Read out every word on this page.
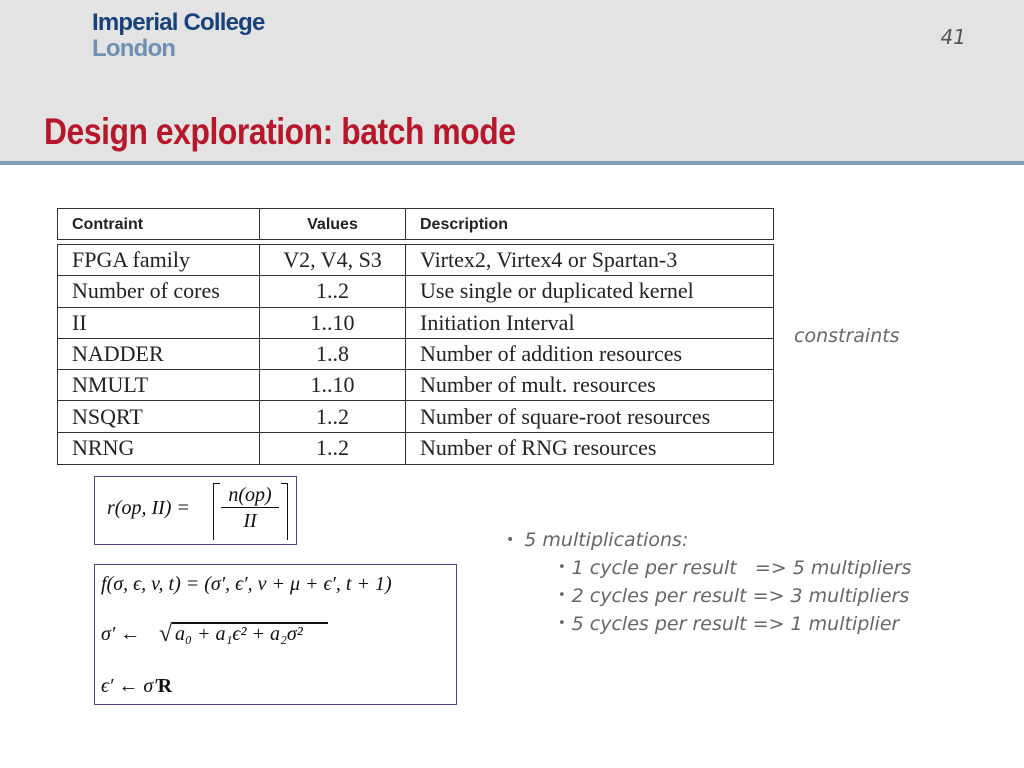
Imperial College
London	41
Design exploration: batch mode
Contraint	Values	Description
FPGA family	V2, V4, S3	Virtex2, Virtex4 or Spartan-3
Number of cores	1..2	Use single or duplicated kernel
II	1..10	Initiation Interval
NADDER	1..8	Number of addition resources
NMULT	1..10	Number of mult. resources
NSQRT	1..2	Number of square-root resources
NRNG	1..2	Number of RNG resources
constraints
r(op, $II) = \frac{n(op)}{II}$
f(σ, ϵ, v, t) = (σ′, ϵ′, v + μ + ϵ′, t + 1)
σ′ ← √ a₀ + a₁ϵ² + a₂σ²
ϵ′ ← σ′R
• 5 multiplications:
• 1 cycle per result   => 5 multipliers
• 2 cycles per result => 3 multipliers
• 5 cycles per result => 1 multiplier
